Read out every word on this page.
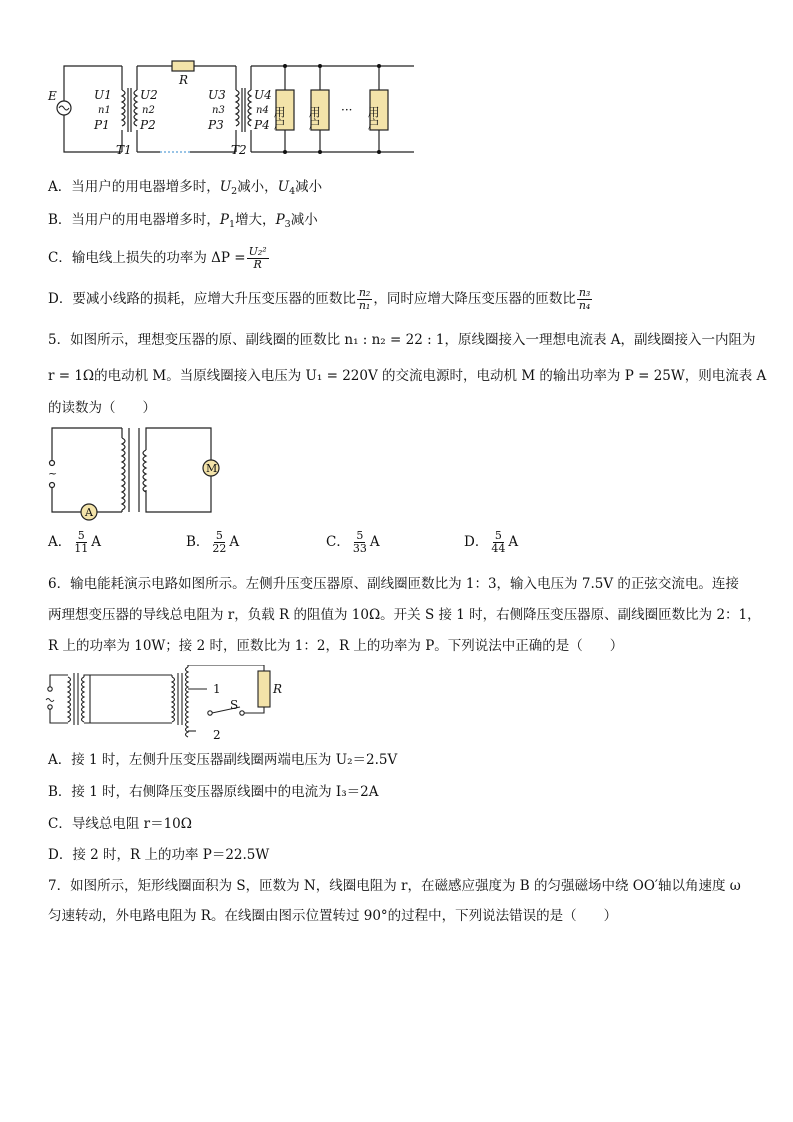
E
R
U1
n1
P1
U2
n2
P2
U3
n3
P3
U4
n4
P4
T1	T2
用户 用户	用户
···
A．当用户的用电器增多时，$U_2$减小，$U_4$减小
B．当用户的用电器增多时，$P_1$增大，$P_3$减小
C．输电线上损失的功率为 $\Delta P = \frac{\text{U₂²}}{R}$
D．要减小线路的损耗，应增大升压变压器的匝数比 $\frac{\text{n₂}}{\text{n₁}}$ ，同时应增大降压变压器的匝数比 $\frac{\text{n₃}}{\text{n₄}}$
5．如图所示，理想变压器的原、副线圈的匝数比 n₁ : n₂ = 22 : 1，原线圈接入一理想电流表 A，副线圈接入一内阻为
r = 1Ω的电动机 M。当原线圈接入电压为 U₁ = 220V 的交流电源时，电动机 M 的输出功率为 P = 25W，则电流表 A
的读数为（　　）
~
A
M
A． $\frac{5}{11}$ A	B． $\frac{5}{22}$ A	C． $\frac{5}{33}$ A	D． $\frac{5}{44}$ A
6．输电能耗演示电路如图所示。左侧升压变压器原、副线圈匝数比为 1：3，输入电压为 7.5V 的正弦交流电。连接
两理想变压器的导线总电阻为 r，负载 R 的阻值为 10Ω。开关 S 接 1 时，右侧降压变压器原、副线圈匝数比为 2：1，
R 上的功率为 10W；接 2 时，匝数比为 1：2，R 上的功率为 P。下列说法中正确的是（　　）
~
1
2
S
R
A．接 1 时，左侧升压变压器副线圈两端电压为 U₂＝2.5V
B．接 1 时，右侧降压变压器原线圈中的电流为 I₃＝2A
C．导线总电阻 r＝10Ω
D．接 2 时，R 上的功率 P＝22.5W
7．如图所示，矩形线圈面积为 S，匝数为 N，线圈电阻为 r，在磁感应强度为 B 的匀强磁场中绕 OO′轴以角速度 ω
匀速转动，外电路电阻为 R。在线圈由图示位置转过 90°的过程中，下列说法错误的是（　　）
